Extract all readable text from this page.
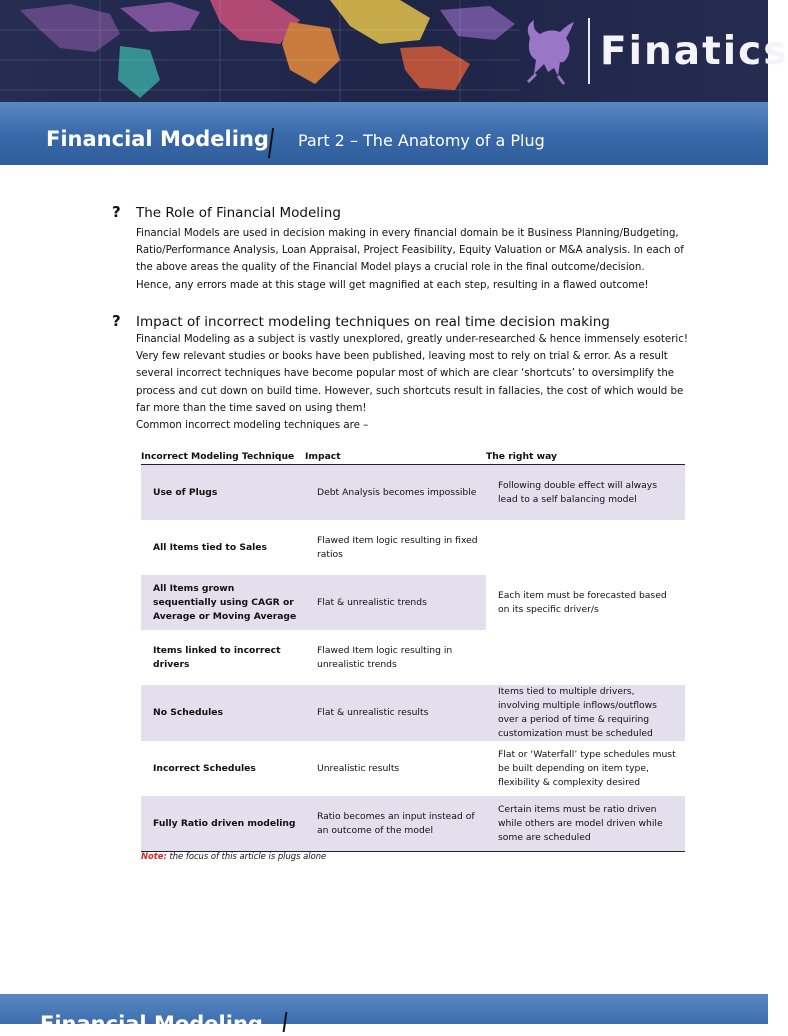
Finatics
Financial Modeling Part 2 – The Anatomy of a Plug
? The Role of Financial Modeling

Financial Models are used in decision making in every financial domain be it Business Planning/Budgeting,
Ratio/Performance Analysis, Loan Appraisal, Project Feasibility, Equity Valuation or M&A analysis. In each of
the above areas the quality of the Financial Model plays a crucial role in the final outcome/decision.
Hence, any errors made at this stage will get magnified at each step, resulting in a flawed outcome!

? Impact of incorrect modeling techniques on real time decision making

Financial Modeling as a subject is vastly unexplored, greatly under-researched & hence immensely esoteric!
Very few relevant studies or books have been published, leaving most to rely on trial & error. As a result
several incorrect techniques have become popular most of which are clear ‘shortcuts’ to oversimplify the
process and cut down on build time. However, such shortcuts result in fallacies, the cost of which would be
far more than the time saved on using them!
Common incorrect modeling techniques are –

Incorrect Modeling Technique	Impact	The right way
Use of Plugs	Debt Analysis becomes impossible	Following double effect will always lead to a self balancing model
All Items tied to Sales	Flawed Item logic resulting in fixed ratios	Each item must be forecasted based on its specific driver/s
All Items grown sequentially using CAGR or Average or Moving Average	Flat & unrealistic trends	
Items linked to incorrect drivers	Flawed Item logic resulting in unrealistic trends	
No Schedules	Flat & unrealistic results	Items tied to multiple drivers, involving multiple inflows/outflows over a period of time & requiring customization must be scheduled
Incorrect Schedules	Unrealistic results	Flat or ‘Waterfall’ type schedules must be built depending on item type, flexibility & complexity desired
Fully Ratio driven modeling	Ratio becomes an input instead of an outcome of the model	Certain items must be ratio driven while others are model driven while some are scheduled

Note: the focus of this article is plugs alone

Financial Modeling
